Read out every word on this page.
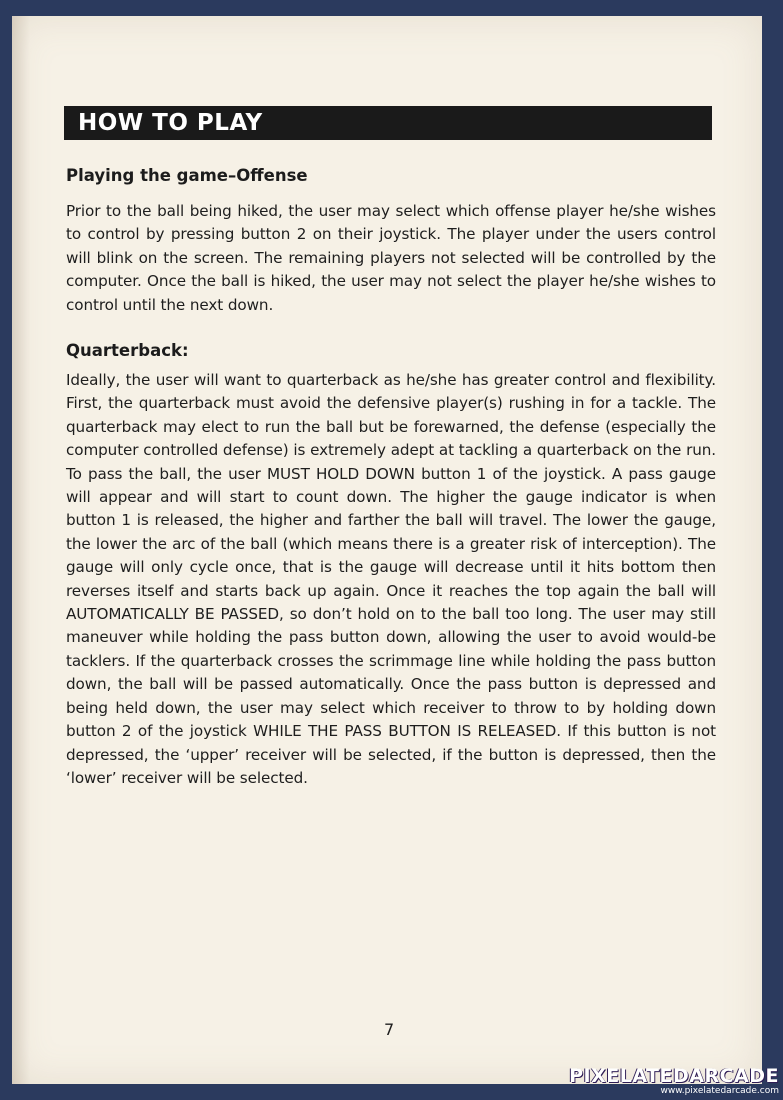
HOW TO PLAY
Playing the game–Offense

Prior to the ball being hiked, the user may select which offense player he/she wishes to control by pressing button 2 on their joystick. The player under the users control will blink on the screen. The remaining players not selected will be controlled by the computer. Once the ball is hiked, the user may not select the player he/she wishes to control until the next down.

Quarterback:

Ideally, the user will want to quarterback as he/she has greater control and flexibility. First, the quarterback must avoid the defensive player(s) rushing in for a tackle. The quarterback may elect to run the ball but be forewarned, the defense (especially the computer controlled defense) is extremely adept at tackling a quarterback on the run. To pass the ball, the user MUST HOLD DOWN button 1 of the joystick. A pass gauge will appear and will start to count down. The higher the gauge indicator is when button 1 is released, the higher and farther the ball will travel. The lower the gauge, the lower the arc of the ball (which means there is a greater risk of interception). The gauge will only cycle once, that is the gauge will decrease until it hits bottom then reverses itself and starts back up again. Once it reaches the top again the ball will AUTOMATICALLY BE PASSED, so don’t hold on to the ball too long. The user may still maneuver while holding the pass button down, allowing the user to avoid would-be tacklers. If the quarterback crosses the scrimmage line while holding the pass button down, the ball will be passed automatically. Once the pass button is depressed and being held down, the user may select which receiver to throw to by holding down button 2 of the joystick WHILE THE PASS BUTTON IS RELEASED. If this button is not depressed, the ‘upper’ receiver will be selected, if the button is depressed, then the ‘lower’ receiver will be selected.

7

PIXELATEDARCADE
www.pixelatedarcade.com
